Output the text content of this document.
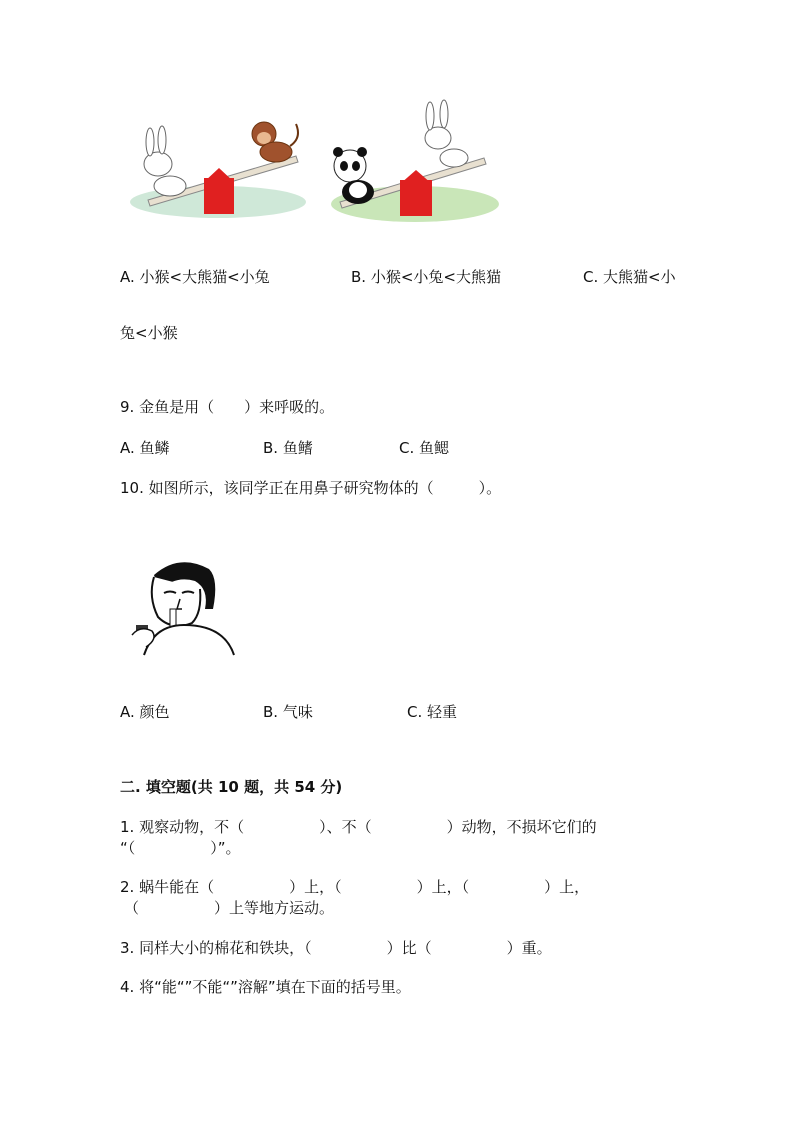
A. 小猴<大熊猫<小兔	B. 小猴<小兔<大熊猫	C. 大熊猫<小
兔<小猴
9. 金鱼是用（　　）来呼吸的。
A. 鱼鳞	B. 鱼鳍	C. 鱼鳃
10. 如图所示，该同学正在用鼻子研究物体的（　　　）。
A. 颜色	B. 气味	C. 轻重
二. 填空题(共 10 题，共 54 分)
1. 观察动物，不（　　　　　）、不（　　　　　）动物，不损坏它们的
“（　　　　　）”。
2. 蜗牛能在（　　　　　）上，（　　　　　）上，（　　　　　）上，
（　　　　　）上等地方运动。
3. 同样大小的棉花和铁块，（　　　　　）比（　　　　　）重。
4. 将“能“”不能“”溶解”填在下面的括号里。
